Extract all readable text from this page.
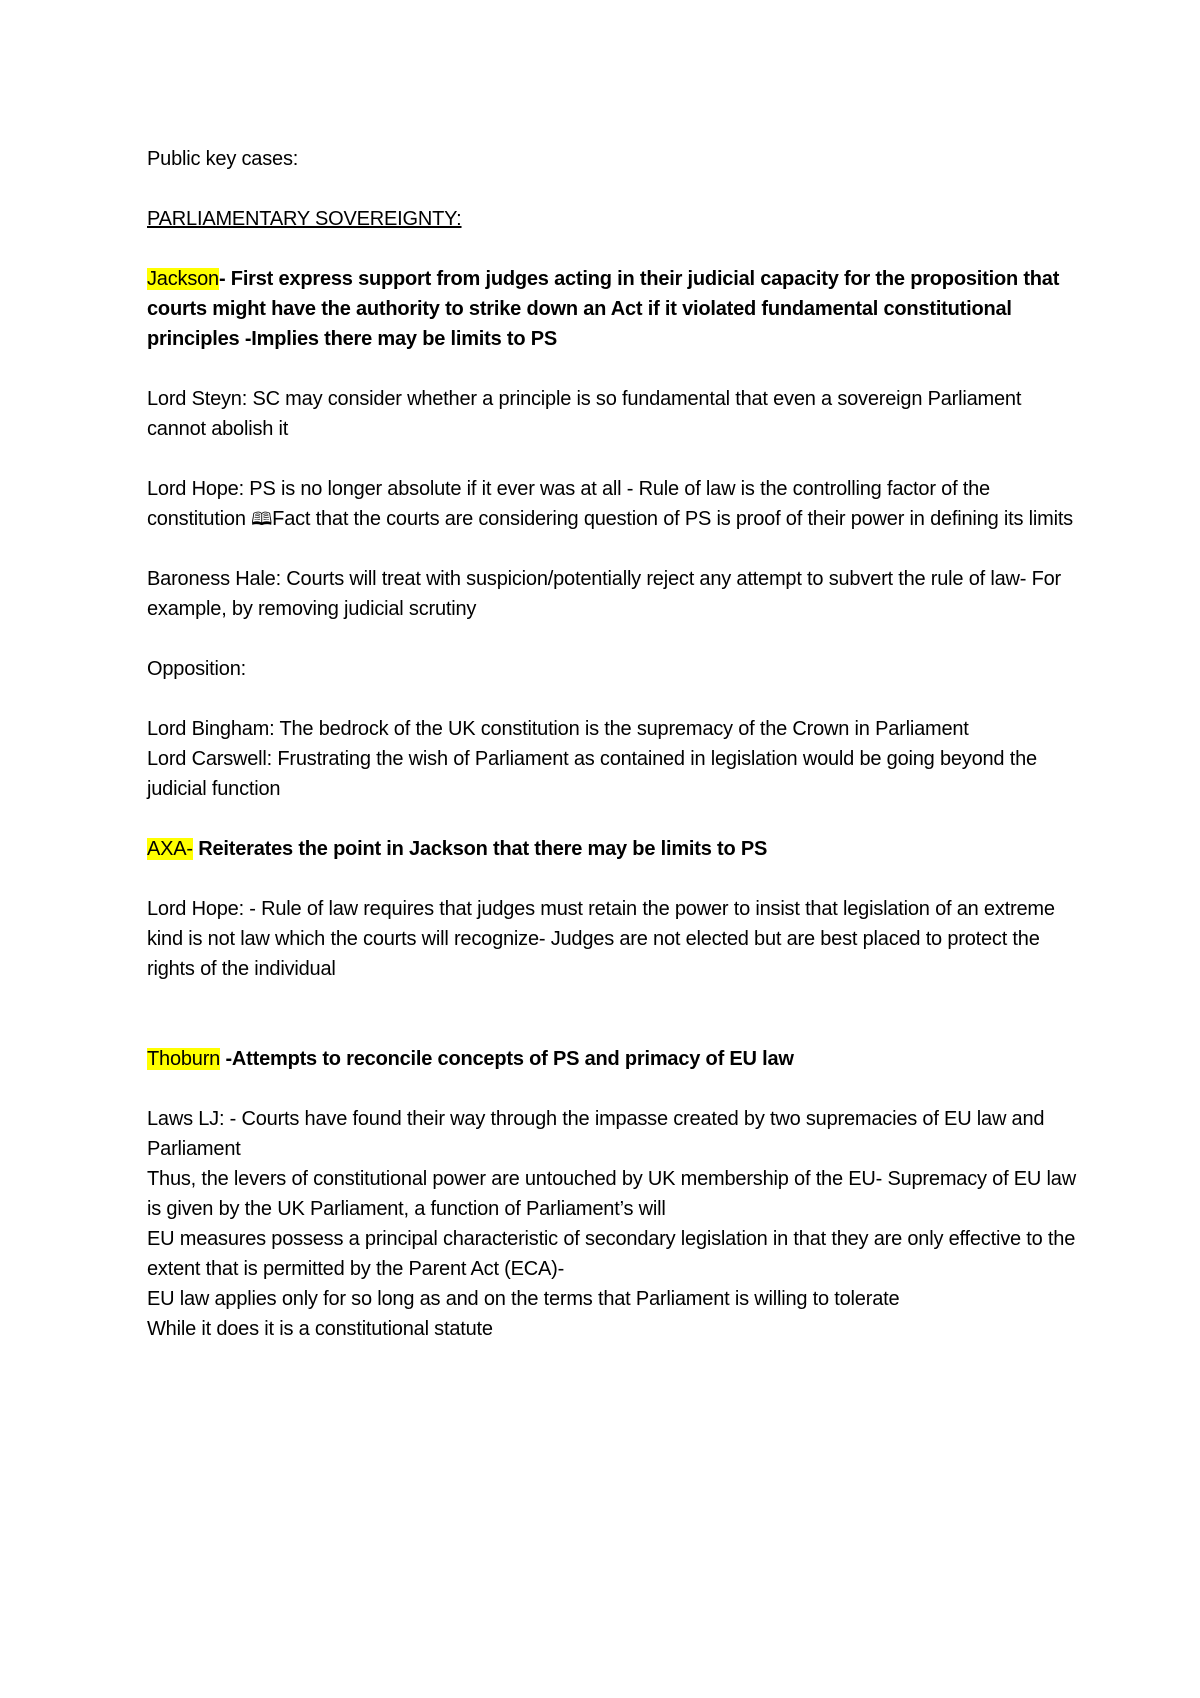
Public key cases:

PARLIAMENTARY SOVEREIGNTY:

Jackson- First express support from judges acting in their judicial capacity for the proposition that courts might have the authority to strike down an Act if it violated fundamental constitutional principles -Implies there may be limits to PS

Lord Steyn: SC may consider whether a principle is so fundamental that even a sovereign Parliament cannot abolish it

Lord Hope: PS is no longer absolute if it ever was at all - Rule of law is the controlling factor of the constitution 🕮Fact that the courts are considering question of PS is proof of their power in defining its limits

Baroness Hale: Courts will treat with suspicion/potentially reject any attempt to subvert the rule of law- For example, by removing judicial scrutiny

Opposition:

Lord Bingham: The bedrock of the UK constitution is the supremacy of the Crown in Parliament

Lord Carswell: Frustrating the wish of Parliament as contained in legislation would be going beyond the judicial function

AXA- Reiterates the point in Jackson that there may be limits to PS

Lord Hope: - Rule of law requires that judges must retain the power to insist that legislation of an extreme kind is not law which the courts will recognize- Judges are not elected but are best placed to protect the rights of the individual

Thoburn -Attempts to reconcile concepts of PS and primacy of EU law

Laws LJ: - Courts have found their way through the impasse created by two supremacies of EU law and Parliament

Thus, the levers of constitutional power are untouched by UK membership of the EU- Supremacy of EU law is given by the UK Parliament, a function of Parliament’s will

EU measures possess a principal characteristic of secondary legislation in that they are only effective to the extent that is permitted by the Parent Act (ECA)-

EU law applies only for so long as and on the terms that Parliament is willing to tolerate

While it does it is a constitutional statute
